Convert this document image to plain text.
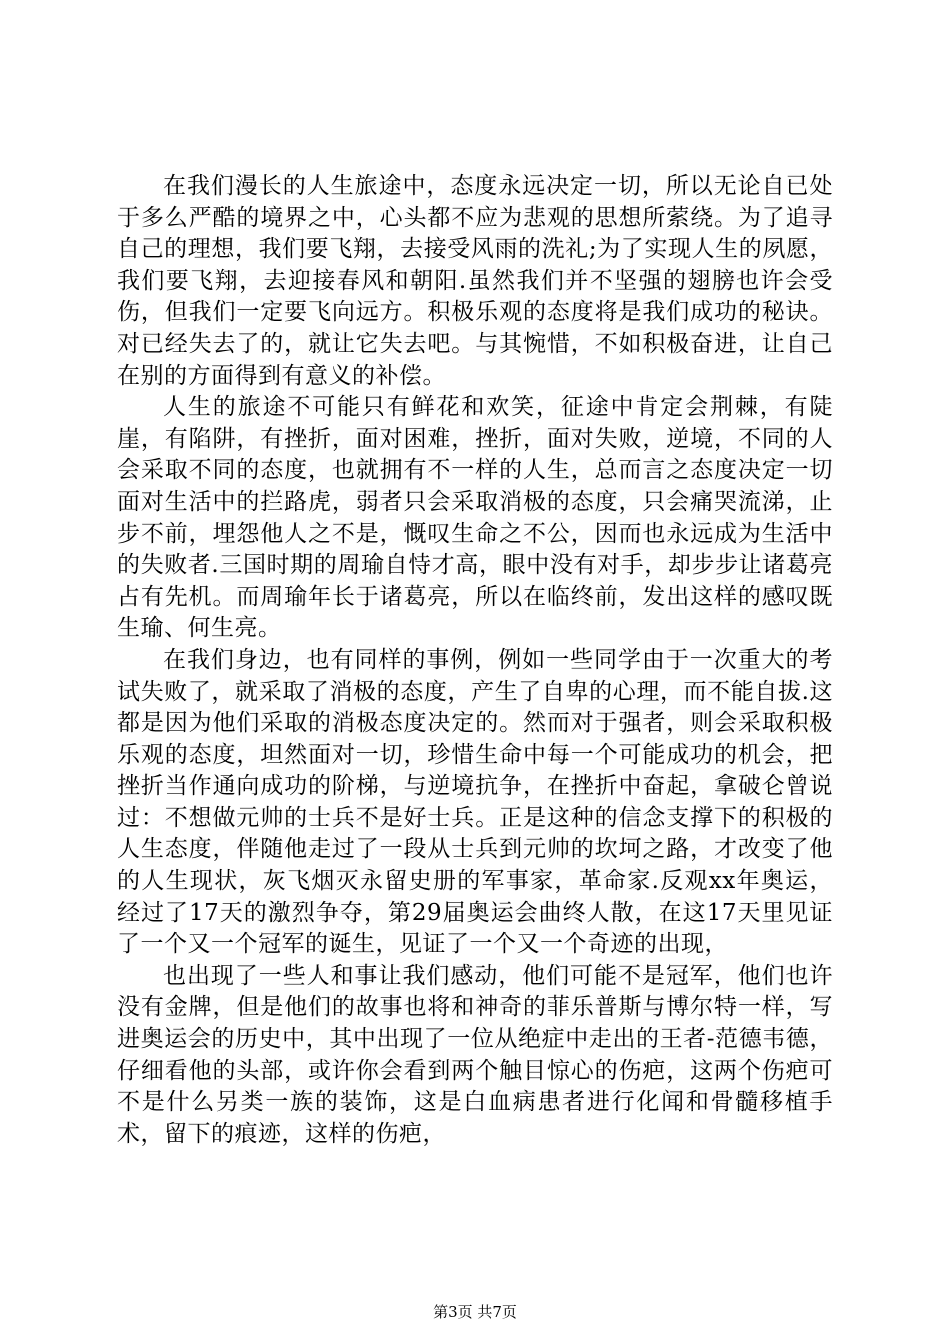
在我们漫长的人生旅途中，态度永远决定一切，所以无论自已处于多么严酷的境界之中，心头都不应为悲观的思想所萦绕。为了追寻自己的理想，我们要飞翔，去接受风雨的洗礼;为了实现人生的夙愿，我们要飞翔，去迎接春风和朝阳.虽然我们并不坚强的翅膀也许会受伤，但我们一定要飞向远方。积极乐观的态度将是我们成功的秘诀。对已经失去了的，就让它失去吧。与其惋惜，不如积极奋进，让自己在别的方面得到有意义的补偿。

人生的旅途不可能只有鲜花和欢笑，征途中肯定会荆棘，有陡崖，有陷阱，有挫折，面对困难，挫折，面对失败，逆境，不同的人会采取不同的态度，也就拥有不一样的人生，总而言之态度决定一切面对生活中的拦路虎，弱者只会采取消极的态度，只会痛哭流涕，止步不前，埋怨他人之不是，慨叹生命之不公，因而也永远成为生活中的失败者.三国时期的周瑜自恃才高，眼中没有对手，却步步让诸葛亮占有先机。而周瑜年长于诸葛亮，所以在临终前，发出这样的感叹既生瑜、何生亮。

在我们身边，也有同样的事例，例如一些同学由于一次重大的考试失败了，就采取了消极的态度，产生了自卑的心理，而不能自拔.这都是因为他们采取的消极态度决定的。然而对于强者，则会采取积极乐观的态度，坦然面对一切，珍惜生命中每一个可能成功的机会，把挫折当作通向成功的阶梯，与逆境抗争，在挫折中奋起，拿破仑曾说过：不想做元帅的士兵不是好士兵。正是这种的信念支撑下的积极的人生态度，伴随他走过了一段从士兵到元帅的坎坷之路，才改变了他的人生现状，灰飞烟灭永留史册的军事家，革命家.反观xx年奥运，经过了17天的激烈争夺，第29届奥运会曲终人散，在这17天里见证了一个又一个冠军的诞生，见证了一个又一个奇迹的出现，

也出现了一些人和事让我们感动，他们可能不是冠军，他们也许没有金牌，但是他们的故事也将和神奇的菲乐普斯与博尔特一样，写进奥运会的历史中，其中出现了一位从绝症中走出的王者-范德韦德，仔细看他的头部，或许你会看到两个触目惊心的伤疤，这两个伤疤可不是什么另类一族的装饰，这是白血病患者进行化闻和骨髓移植手术，留下的痕迹，这样的伤疤，

第3页 共7页
